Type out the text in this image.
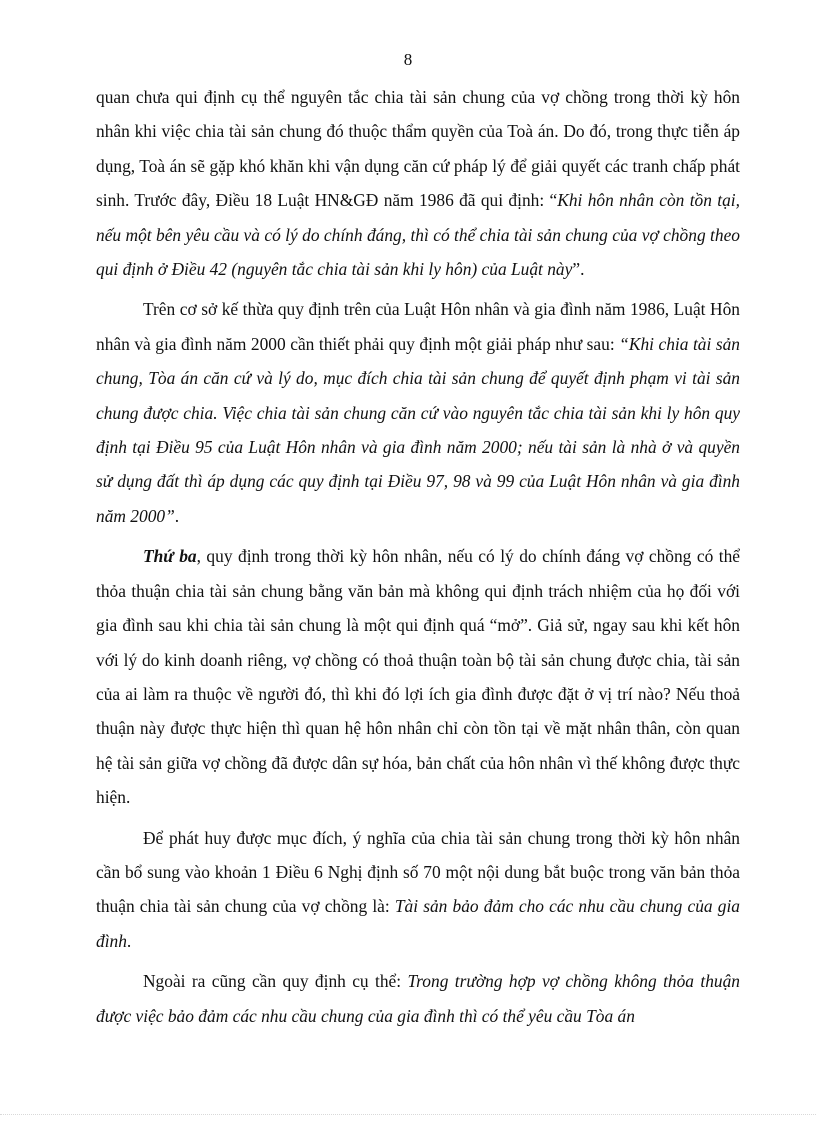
8

quan chưa qui định cụ thể nguyên tắc chia tài sản chung của vợ chồng trong thời kỳ hôn nhân khi việc chia tài sản chung đó thuộc thẩm quyền của Toà án. Do đó, trong thực tiễn áp dụng, Toà án sẽ gặp khó khăn khi vận dụng căn cứ pháp lý để giải quyết các tranh chấp phát sinh. Trước đây, Điều 18 Luật HN&GĐ năm 1986 đã qui định: “Khi hôn nhân còn tồn tại, nếu một bên yêu cầu và có lý do chính đáng, thì có thể chia tài sản chung của vợ chồng theo qui định ở Điều 42 (nguyên tắc chia tài sản khi ly hôn) của Luật này”.

Trên cơ sở kế thừa quy định trên của Luật Hôn nhân và gia đình năm 1986, Luật Hôn nhân và gia đình năm 2000 cần thiết phải quy định một giải pháp như sau: “Khi chia tài sản chung, Tòa án căn cứ và lý do, mục đích chia tài sản chung để quyết định phạm vi tài sản chung được chia. Việc chia tài sản chung căn cứ vào nguyên tắc chia tài sản khi ly hôn quy định tại Điều 95 của Luật Hôn nhân và gia đình năm 2000; nếu tài sản là nhà ở và quyền sử dụng đất thì áp dụng các quy định tại Điều 97, 98 và 99 của Luật Hôn nhân và gia đình năm 2000”.

Thứ ba, quy định trong thời kỳ hôn nhân, nếu có lý do chính đáng vợ chồng có thể thỏa thuận chia tài sản chung bằng văn bản mà không qui định trách nhiệm của họ đối với gia đình sau khi chia tài sản chung là một qui định quá “mở”. Giả sử, ngay sau khi kết hôn với lý do kinh doanh riêng, vợ chồng có thoả thuận toàn bộ tài sản chung được chia, tài sản của ai làm ra thuộc về người đó, thì khi đó lợi ích gia đình được đặt ở vị trí nào? Nếu thoả thuận này được thực hiện thì quan hệ hôn nhân chỉ còn tồn tại về mặt nhân thân, còn quan hệ tài sản giữa vợ chồng đã được dân sự hóa, bản chất của hôn nhân vì thế không được thực hiện.

Để phát huy được mục đích, ý nghĩa của chia tài sản chung trong thời kỳ hôn nhân cần bổ sung vào khoản 1 Điều 6 Nghị định số 70 một nội dung bắt buộc trong văn bản thỏa thuận chia tài sản chung của vợ chồng là: Tài sản bảo đảm cho các nhu cầu chung của gia đình.

Ngoài ra cũng cần quy định cụ thể: Trong trường hợp vợ chồng không thỏa thuận được việc bảo đảm các nhu cầu chung của gia đình thì có thể yêu cầu Tòa án
